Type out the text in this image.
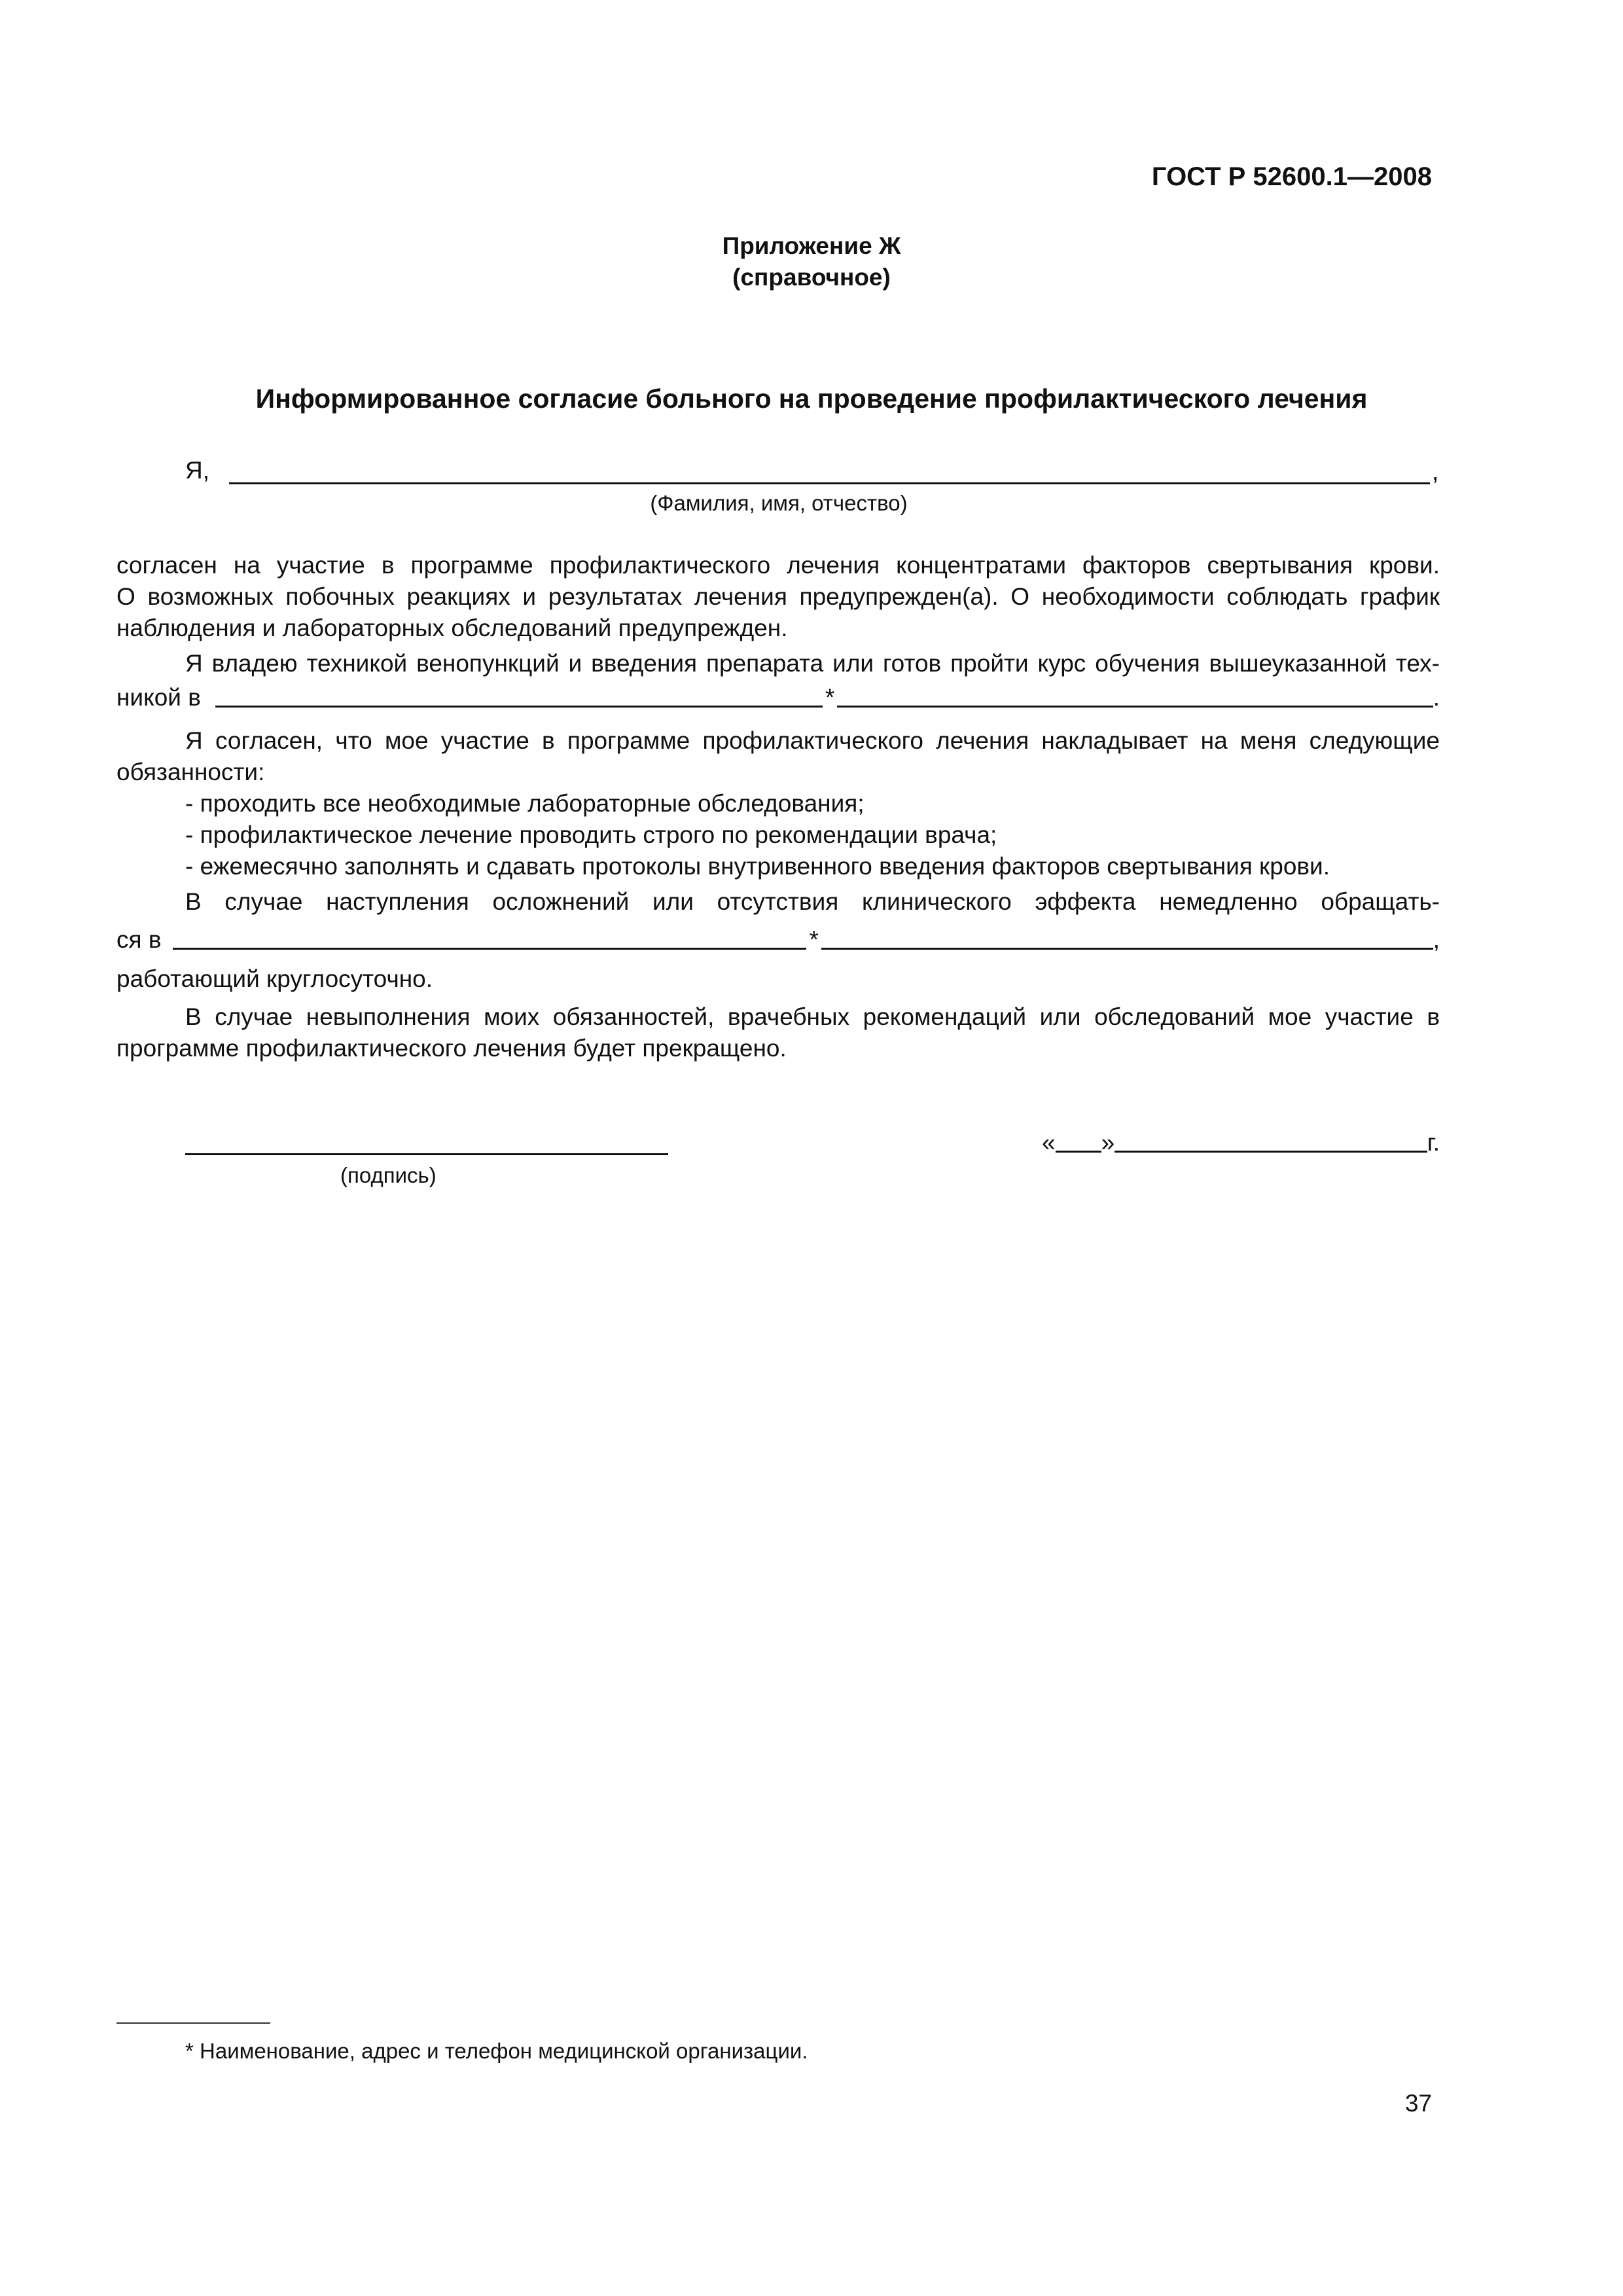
ГОСТ Р 52600.1—2008
Приложение Ж
(справочное)
Информированное согласие больного на проведение профилактического лечения
Я,	,
(Фамилия, имя, отчество)
согласен на участие в программе профилактического лечения концентратами факторов свертывания крови.
О возможных побочных реакциях и результатах лечения предупрежден(а). О необходимости соблюдать график
наблюдения и лабораторных обследований предупрежден.
Я владею техникой венопункций и введения препарата или готов пройти курс обучения вышеуказанной тех-
никой в	*	.
Я согласен, что мое участие в программе профилактического лечения накладывает на меня следующие
обязанности:
- проходить все необходимые лабораторные обследования;
- профилактическое лечение проводить строго по рекомендации врача;
- ежемесячно заполнять и сдавать протоколы внутривенного введения факторов свертывания крови.
В случае наступления осложнений или отсутствия клинического эффекта немедленно обращать-
ся в	*	,
работающий круглосуточно.
В случае невыполнения моих обязанностей, врачебных рекомендаций или обследований мое участие в
программе профилактического лечения будет прекращено.
(подпись)
« »	г.
* Наименование, адрес и телефон медицинской организации.
37
